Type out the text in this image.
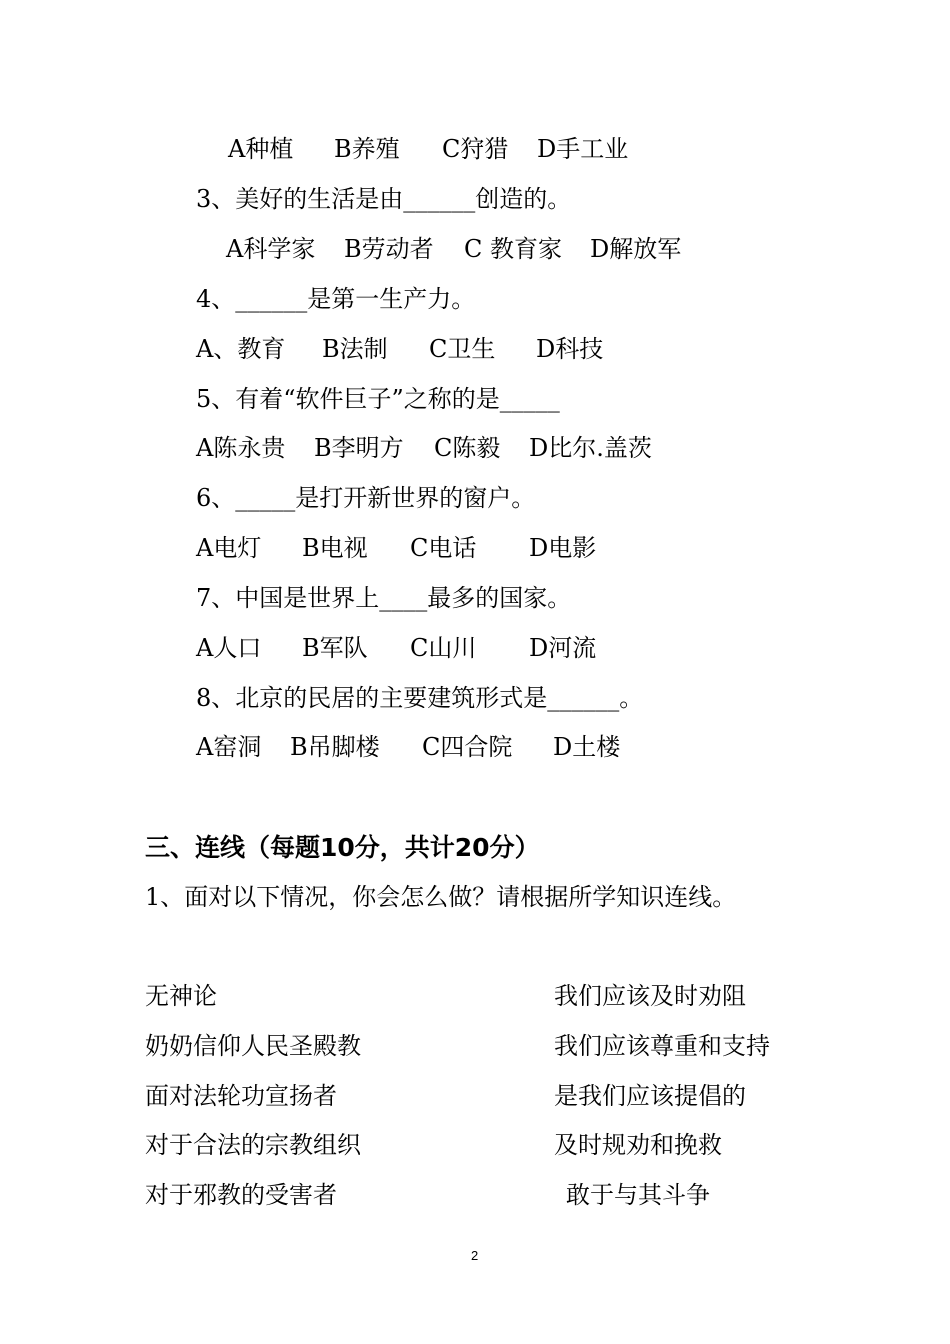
A种植

B养殖

C狩猎

D手工业

3、美好的生活是由______创造的。

A科学家

B劳动者

C 教育家

D解放军

4、______是第一生产力。

A、教育

B法制

C卫生

D科技

5、有着“软件巨子”之称的是_____

A陈永贵

B李明方

C陈毅

D比尔.盖茨

6、_____是打开新世界的窗户。

A电灯

B电视

C电话

D电影

7、中国是世界上____最多的国家。

A人口

B军队

C山川

D河流

8、北京的民居的主要建筑形式是______。

A窑洞

B吊脚楼

C四合院

D土楼

三、连线（每题10分，共计20分）
1、面对以下情况，你会怎么做？请根据所学知识连线。
无神论
奶奶信仰人民圣殿教
面对法轮功宣扬者
对于合法的宗教组织
对于邪教的受害者
我们应该及时劝阻
我们应该尊重和支持
是我们应该提倡的
及时规劝和挽救
敢于与其斗争
2
